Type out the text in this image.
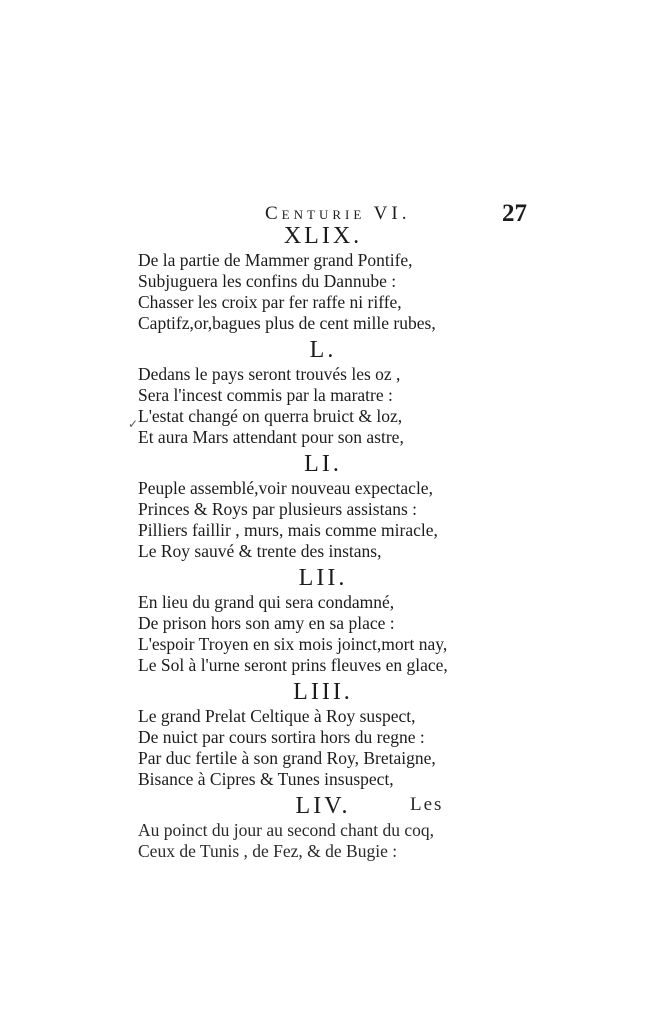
Centurie VI.	27
✓
XLIX.
De la partie de Mammer grand Pontife,
Subjuguera les confins du Dannube :
Chasser les croix par fer raffe ni riffe,
Captifz,or,bagues plus de cent mille rubes,
L.
Dedans le pays seront trouvés les oz ,
Sera l'incest commis par la maratre :
L'estat changé on querra bruict & loz,
Et aura Mars attendant pour son astre,
LI.
Peuple assemblé,voir nouveau expectacle,
Princes & Roys par plusieurs assistans :
Pilliers faillir , murs, mais comme miracle,
Le Roy sauvé & trente des instans,
LII.
En lieu du grand qui sera condamné,
De prison hors son amy en sa place :
L'espoir Troyen en six mois joinct,mort nay,
Le Sol à l'urne seront prins fleuves en glace,
LIII.
Le grand Prelat Celtique à Roy suspect,
De nuict par cours sortira hors du regne :
Par duc fertile à son grand Roy, Bretaigne,
Bisance à Cipres & Tunes insuspect,
LIV.
Au poinct du jour au second chant du coq,
Ceux de Tunis , de Fez, & de Bugie :
Les
